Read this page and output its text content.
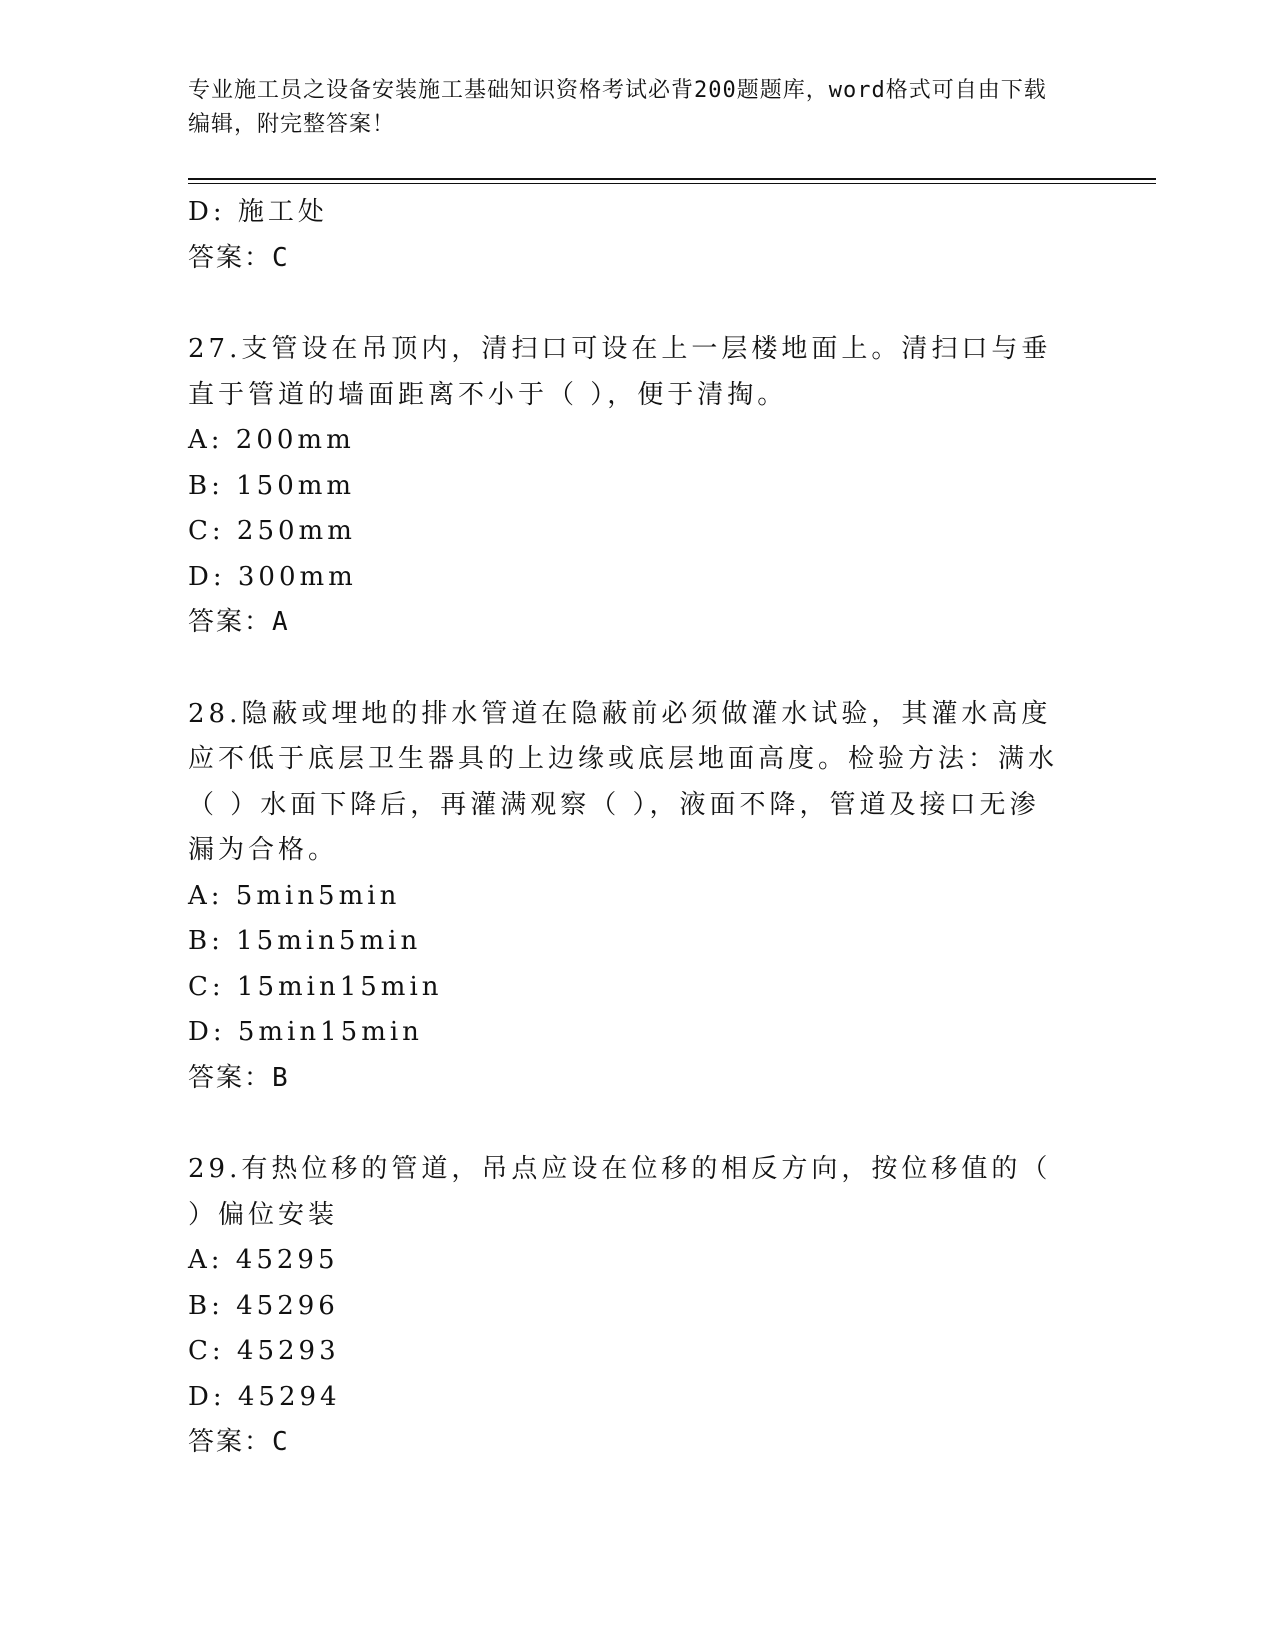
专业施工员之设备安装施工基础知识资格考试必背200题题库，word格式可自由下载编辑，附完整答案！
D: 施工处
答案：C
27.支管设在吊顶内，清扫口可设在上一层楼地面上。清扫口与垂直于管道的墙面距离不小于（ ），便于清掏。
A: 200mm
B: 150mm
C: 250mm
D: 300mm
答案：A
28.隐蔽或埋地的排水管道在隐蔽前必须做灌水试验，其灌水高度应不低于底层卫生器具的上边缘或底层地面高度。检验方法：满水（ ）水面下降后，再灌满观察（ ），液面不降，管道及接口无渗漏为合格。
A: 5min5min
B: 15min5min
C: 15min15min
D: 5min15min
答案：B
29.有热位移的管道，吊点应设在位移的相反方向，按位移值的（ ）偏位安装
A: 45295
B: 45296
C: 45293
D: 45294
答案：C
